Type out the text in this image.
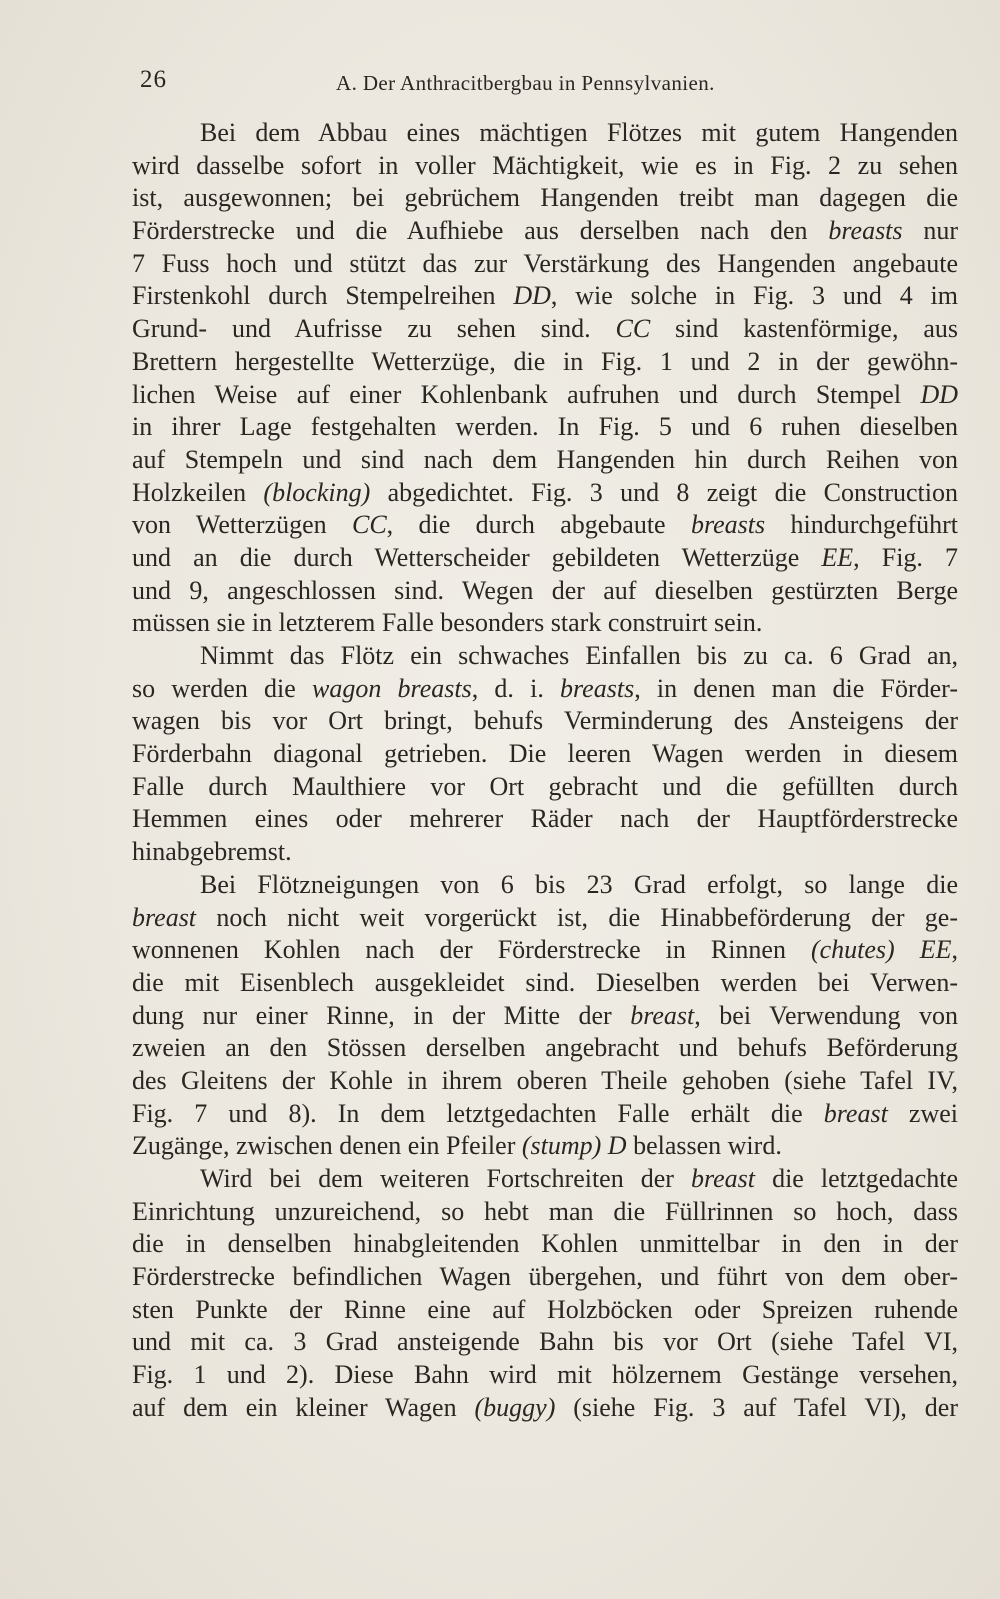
26	A. Der Anthracitbergbau in Pennsylvanien.
Bei dem Abbau eines mächtigen Flötzes mit gutem Hangenden
wird dasselbe sofort in voller Mächtigkeit, wie es in Fig. 2 zu sehen
ist, ausgewonnen; bei gebrüchem Hangenden treibt man dagegen die
Förderstrecke und die Aufhiebe aus derselben nach den breasts nur
7 Fuss hoch und stützt das zur Verstärkung des Hangenden angebaute
Firstenkohl durch Stempelreihen DD, wie solche in Fig. 3 und 4 im
Grund- und Aufrisse zu sehen sind. CC sind kastenförmige, aus
Brettern hergestellte Wetterzüge, die in Fig. 1 und 2 in der gewöhn-
lichen Weise auf einer Kohlenbank aufruhen und durch Stempel DD
in ihrer Lage festgehalten werden. In Fig. 5 und 6 ruhen dieselben
auf Stempeln und sind nach dem Hangenden hin durch Reihen von
Holzkeilen (blocking) abgedichtet. Fig. 3 und 8 zeigt die Construction
von Wetterzügen CC, die durch abgebaute breasts hindurchgeführt
und an die durch Wetterscheider gebildeten Wetterzüge EE, Fig. 7
und 9, angeschlossen sind. Wegen der auf dieselben gestürzten Berge
müssen sie in letzterem Falle besonders stark construirt sein.
Nimmt das Flötz ein schwaches Einfallen bis zu ca. 6 Grad an,
so werden die wagon breasts, d. i. breasts, in denen man die Förder-
wagen bis vor Ort bringt, behufs Verminderung des Ansteigens der
Förderbahn diagonal getrieben. Die leeren Wagen werden in diesem
Falle durch Maulthiere vor Ort gebracht und die gefüllten durch
Hemmen eines oder mehrerer Räder nach der Hauptförderstrecke
hinabgebremst.
Bei Flötzneigungen von 6 bis 23 Grad erfolgt, so lange die
breast noch nicht weit vorgerückt ist, die Hinabbeförderung der ge-
wonnenen Kohlen nach der Förderstrecke in Rinnen (chutes) EE,
die mit Eisenblech ausgekleidet sind. Dieselben werden bei Verwen-
dung nur einer Rinne, in der Mitte der breast, bei Verwendung von
zweien an den Stössen derselben angebracht und behufs Beförderung
des Gleitens der Kohle in ihrem oberen Theile gehoben (siehe Tafel IV,
Fig. 7 und 8). In dem letztgedachten Falle erhält die breast zwei
Zugänge, zwischen denen ein Pfeiler (stump) D belassen wird.
Wird bei dem weiteren Fortschreiten der breast die letztgedachte
Einrichtung unzureichend, so hebt man die Füllrinnen so hoch, dass
die in denselben hinabgleitenden Kohlen unmittelbar in den in der
Förderstrecke befindlichen Wagen übergehen, und führt von dem ober-
sten Punkte der Rinne eine auf Holzböcken oder Spreizen ruhende
und mit ca. 3 Grad ansteigende Bahn bis vor Ort (siehe Tafel VI,
Fig. 1 und 2). Diese Bahn wird mit hölzernem Gestänge versehen,
auf dem ein kleiner Wagen (buggy) (siehe Fig. 3 auf Tafel VI), der
